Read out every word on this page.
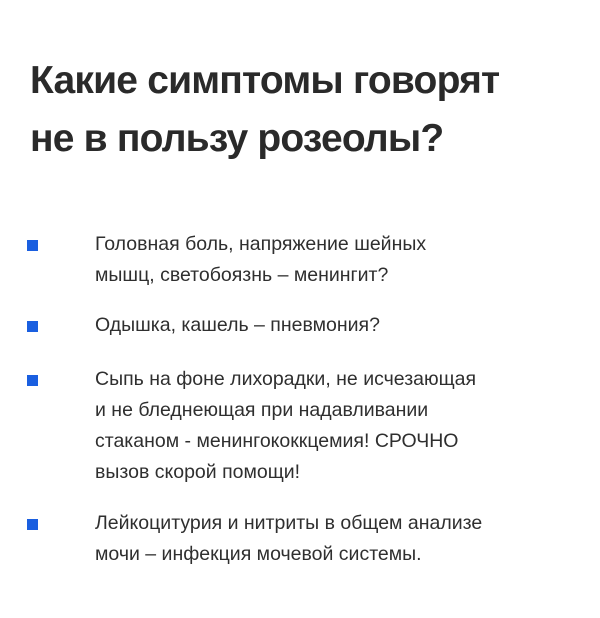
Какие симптомы говорят
не в пользу розеолы?
Головная боль, напряжение шейных
мышц, светобоязнь – менингит?
Одышка, кашель – пневмония?
Сыпь на фоне лихорадки, не исчезающая
и не бледнеющая при надавливании
стаканом - менингококкцемия! СРОЧНО
вызов скорой помощи!
Лейкоцитурия и нитриты в общем анализе
мочи – инфекция мочевой системы.
